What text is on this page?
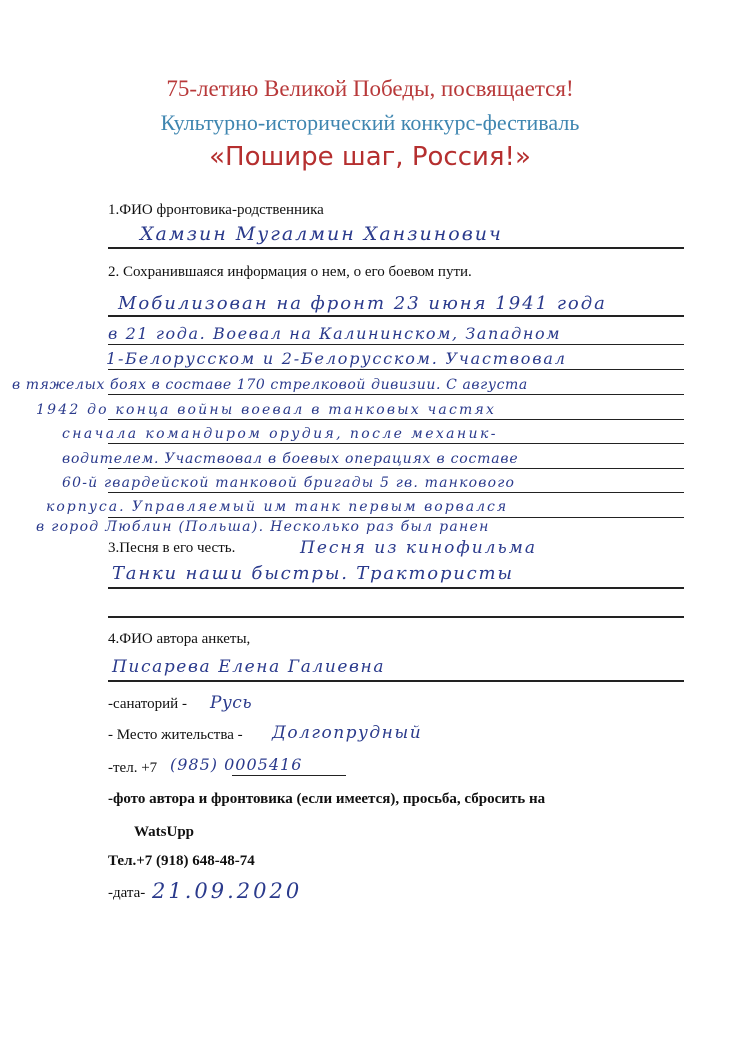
75-летию Великой Победы, посвящается!
Культурно-исторический конкурс-фестиваль
«Пошире шаг, Россия!»
1.ФИО фронтовика-родственника
Хамзин Мугалмин Ханзинович
2. Сохранившаяся информация о нем, о его боевом пути.
Мобилизован на фронт 23 июня 1941 года
в 21 года. Воевал на Калининском, Западном
1-Белорусском и 2-Белорусском. Участвовал
в тяжелых боях в составе 170 стрелковой дивизии. С августа
1942 до конца войны воевал в танковых частях
сначала командиром орудия, после механик-
водителем. Участвовал в боевых операциях в составе
60-й гвардейской танковой бригады 5 гв. танкового
корпуса. Управляемый им танк первым ворвался
в город Люблин (Польша). Несколько раз был ранен
3.Песня в его честь.	Песня из кинофильма
Танки наши быстры. Трактористы
4.ФИО автора анкеты,
Писарева Елена Галиевна
-санаторий - Русь
- Место жительства - Долгопрудный
-тел. +7 (985) 0005416
-фото автора и фронтовика (если имеется), просьба, сбросить на
WatsUpp
Тел.+7 (918) 648-48-74
-дата- 21.09.2020
